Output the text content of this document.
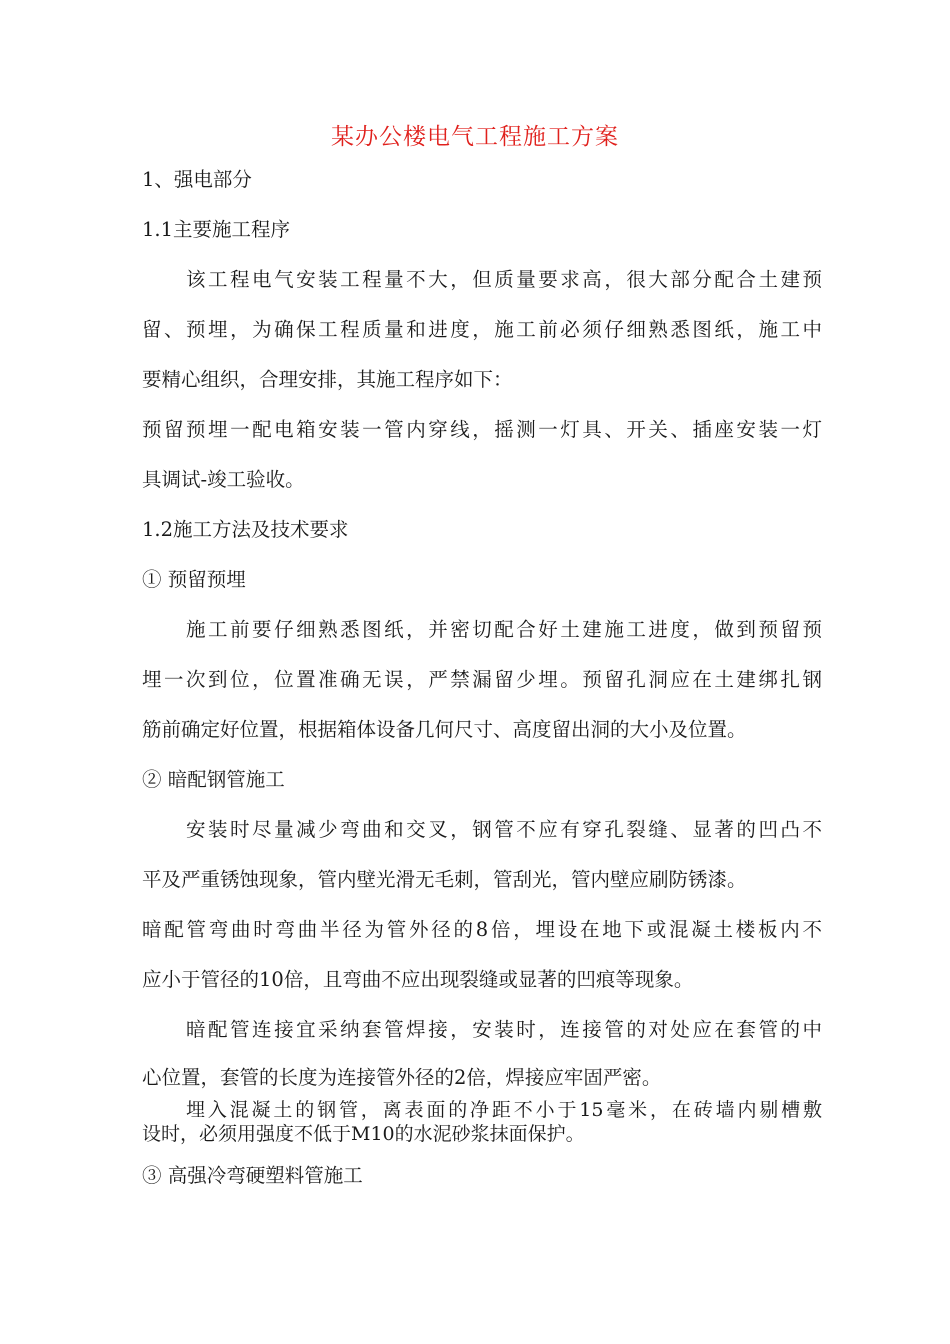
某办公楼电气工程施工方案

1、强电部分

1.1主要施工程序

该工程电气安装工程量不大，但质量要求高，很大部分配合土建预

留、预埋，为确保工程质量和进度，施工前必须仔细熟悉图纸，施工中

要精心组织，合理安排，其施工程序如下：

预留预埋一配电箱安装一管内穿线，摇测一灯具、开关、插座安装一灯

具调试-竣工验收。

1.2施工方法及技术要求

① 预留预埋

施工前要仔细熟悉图纸，并密切配合好土建施工进度，做到预留预

埋一次到位，位置准确无误，严禁漏留少埋。预留孔洞应在土建绑扎钢

筋前确定好位置，根据箱体设备几何尺寸、高度留出洞的大小及位置。

② 暗配钢管施工

安装时尽量减少弯曲和交叉，钢管不应有穿孔裂缝、显著的凹凸不

平及严重锈蚀现象，管内壁光滑无毛刺，管刮光，管内壁应刷防锈漆。

暗配管弯曲时弯曲半径为管外径的8倍，埋设在地下或混凝土楼板内不

应小于管径的10倍，且弯曲不应出现裂缝或显著的凹痕等现象。

暗配管连接宜采纳套管焊接，安装时，连接管的对处应在套管的中

心位置，套管的长度为连接管外径的2倍，焊接应牢固严密。

埋入混凝土的钢管，离表面的净距不小于15毫米，在砖墙内剔槽敷

设时，必须用强度不低于M10的水泥砂浆抹面保护。

③ 高强冷弯硬塑料管施工
